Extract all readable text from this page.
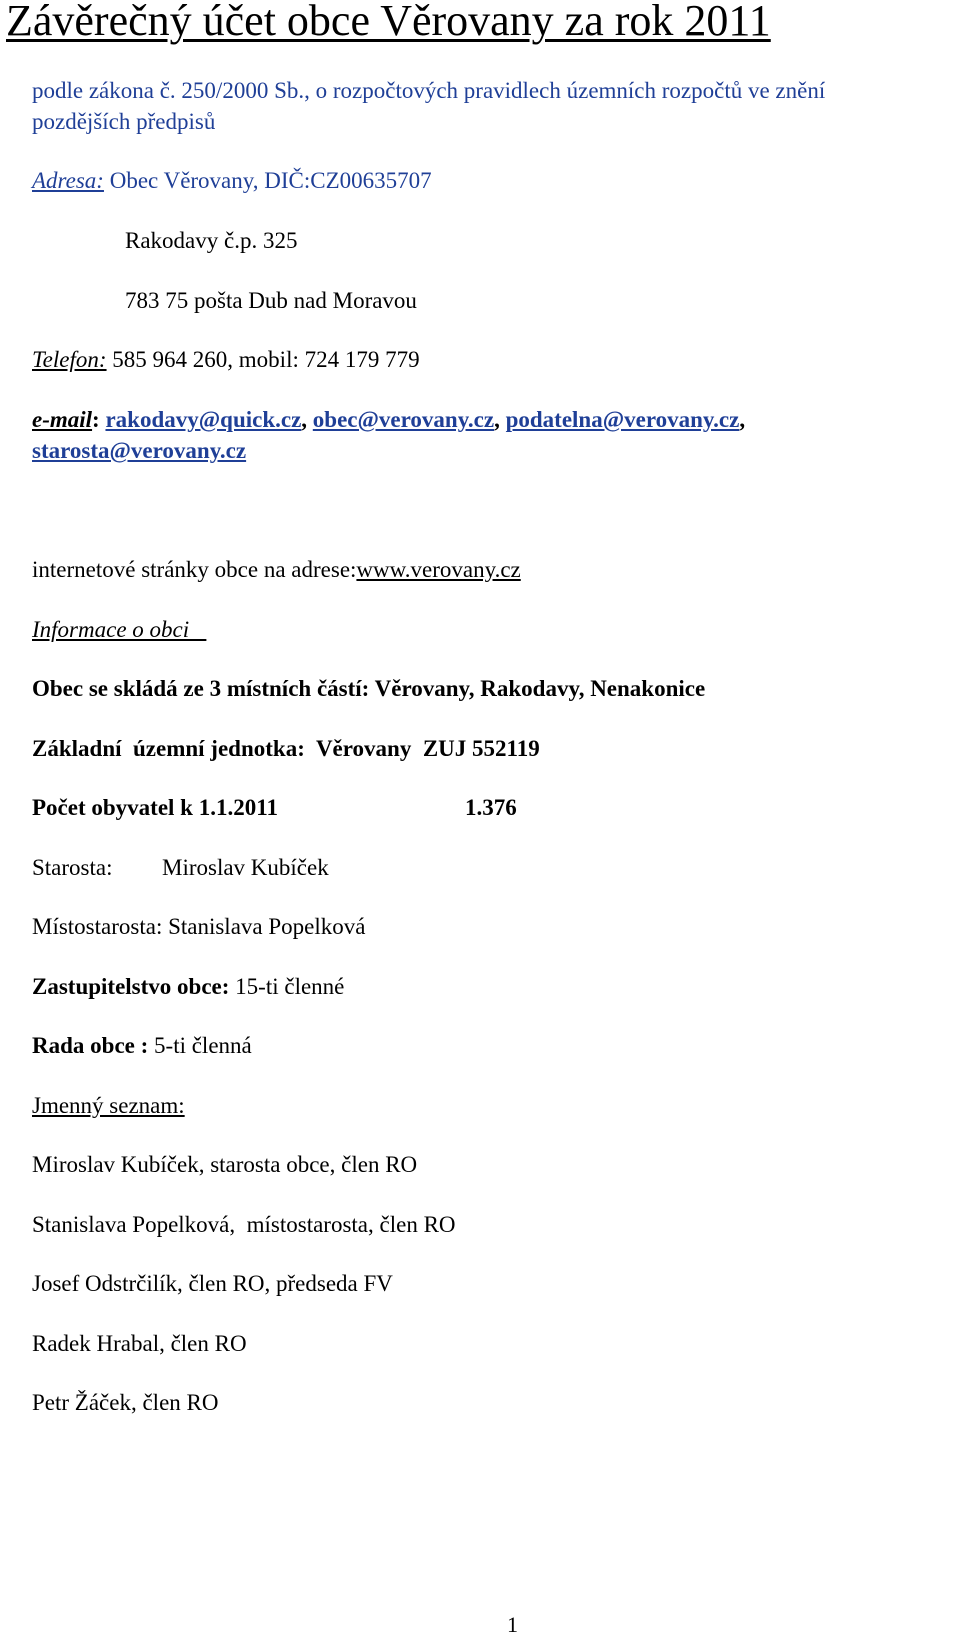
Závěrečný účet obce Věrovany za rok 2011
podle zákona č. 250/2000 Sb., o rozpočtových pravidlech územních rozpočtů ve znění
pozdějších předpisů
Adresa: Obec Věrovany, DIČ:CZ00635707
Rakodavy č.p. 325
783 75 pošta Dub nad Moravou
Telefon: 585 964 260, mobil: 724 179 779
e-mail: rakodavy@quick.cz, obec@verovany.cz, podatelna@verovany.cz,
starosta@verovany.cz
internetové stránky obce na adrese:www.verovany.cz
Informace o obci
Obec se skládá ze 3 místních částí: Věrovany, Rakodavy, Nenakonice
Základní  územní jednotka:  Věrovany  ZUJ 552119
Počet obyvatel k 1.1.2011	1.376
Starosta: Miroslav Kubíček
Místostarosta: Stanislava Popelková
Zastupitelstvo obce: 15-ti členné
Rada obce : 5-ti členná
Jmenný seznam:
Miroslav Kubíček, starosta obce, člen RO
Stanislava Popelková,  místostarosta, člen RO
Josef Odstrčilík, člen RO, předseda FV
Radek Hrabal, člen RO
Petr Žáček, člen RO
1
